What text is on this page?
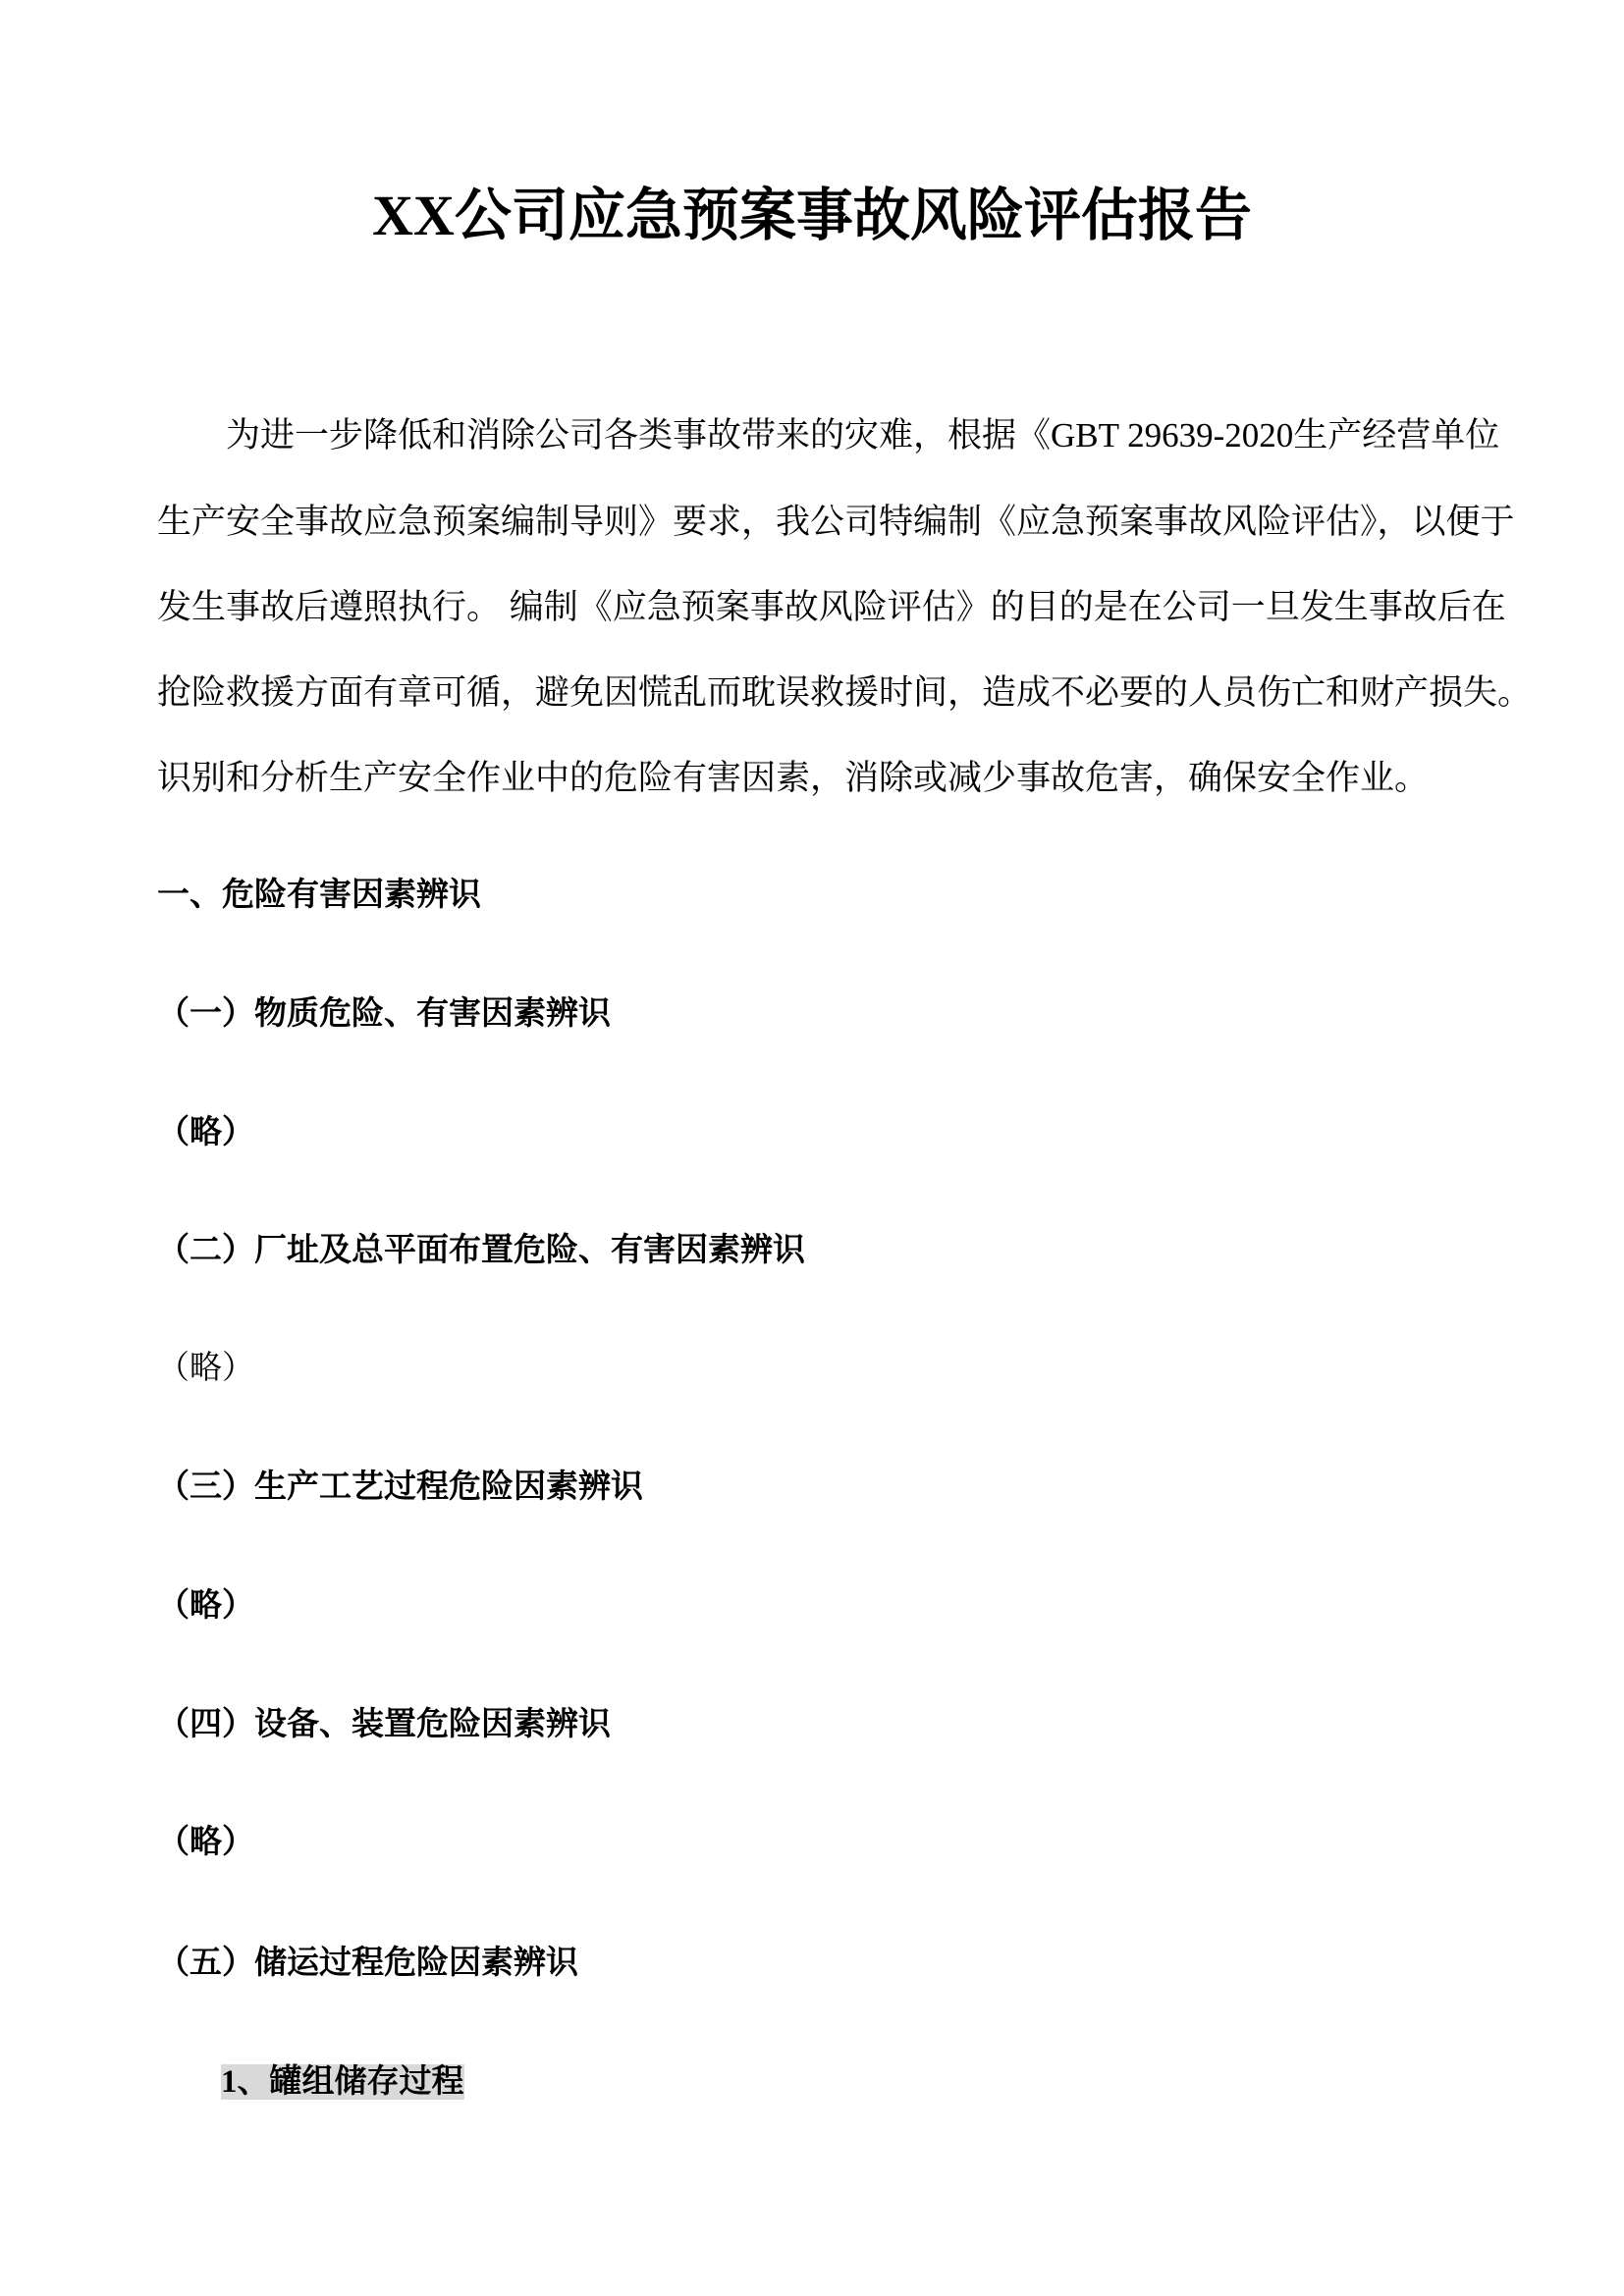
XX公司应急预案事故风险评估报告
为进一步降低和消除公司各类事故带来的灾难，根据《GBT 29639-2020生产经营单位
生产安全事故应急预案编制导则》要求，我公司特编制《应急预案事故风险评估》，以便于
发生事故后遵照执行。 编制《应急预案事故风险评估》的目的是在公司一旦发生事故后在
抢险救援方面有章可循，避免因慌乱而耽误救援时间，造成不必要的人员伤亡和财产损失。
识别和分析生产安全作业中的危险有害因素，消除或减少事故危害，确保安全作业。
一、危险有害因素辨识
（一）物质危险、有害因素辨识
（略）
（二）厂址及总平面布置危险、有害因素辨识
（略）
（三）生产工艺过程危险因素辨识
（略）
（四）设备、装置危险因素辨识
（略）
（五）储运过程危险因素辨识
1、罐组储存过程
